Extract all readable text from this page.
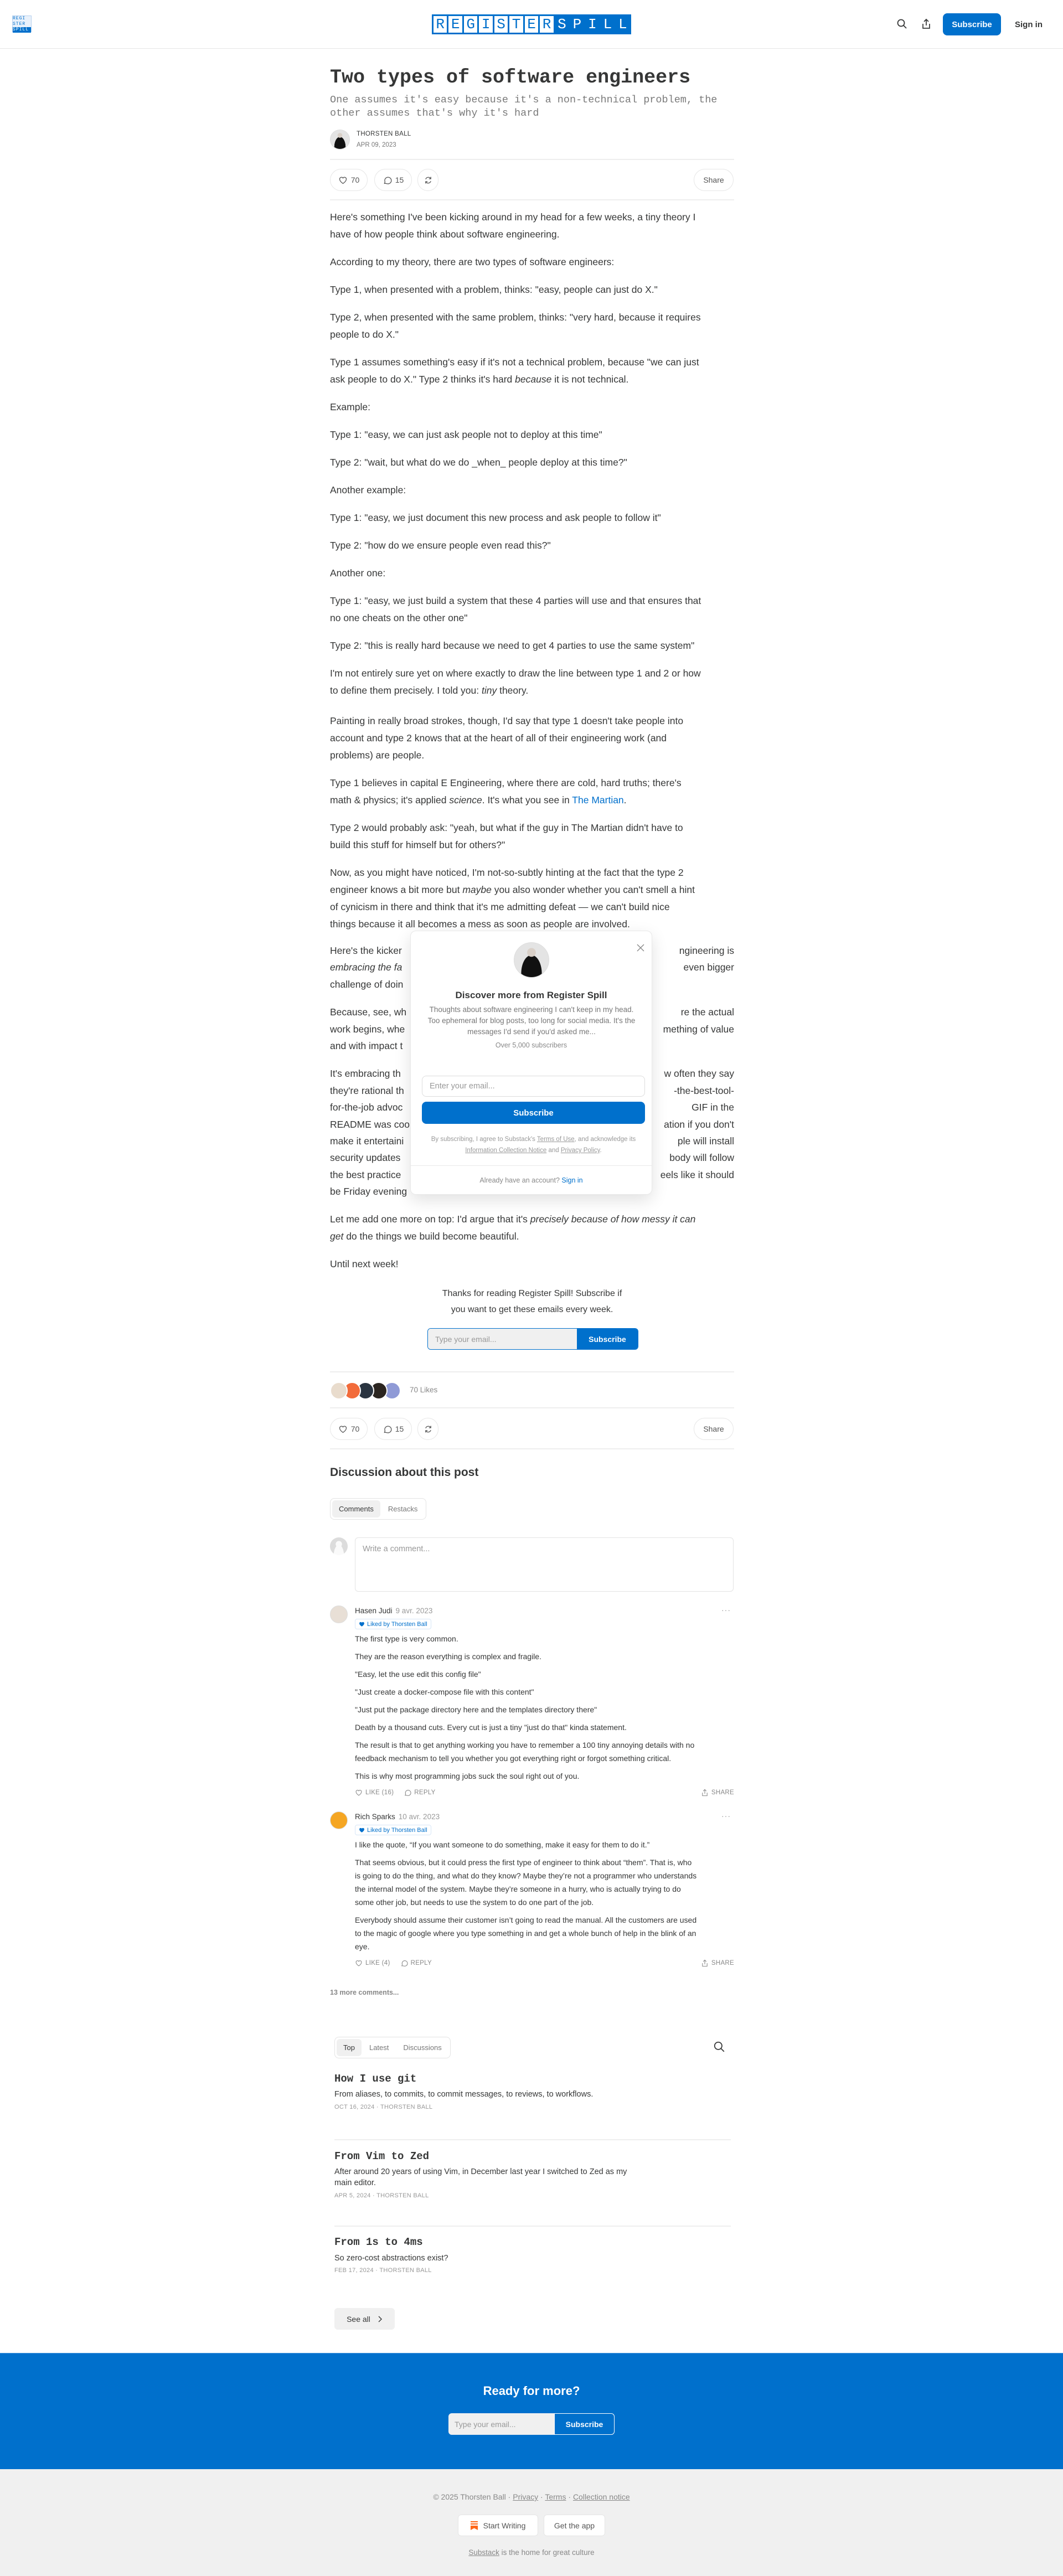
REGI
STER
SPILL	R E G I S T E R S P I L L	Subscribe	Sign in
Two types of software engineers
One assumes it's easy because it's a non-technical problem, the other assumes that's why it's hard
THORSTEN BALL
APR 09, 2023
70	15	Share

Here's something I've been kicking around in my head for a few weeks, a tiny theory I
have of how people think about software engineering.

According to my theory, there are two types of software engineers:

Type 1, when presented with a problem, thinks: "easy, people can just do X."

Type 2, when presented with the same problem, thinks: "very hard, because it requires
people to do X."

Type 1 assumes something's easy if it's not a technical problem, because "we can just
ask people to do X." Type 2 thinks it's hard because it is not technical.

Example:

Type 1: "easy, we can just ask people not to deploy at this time"

Type 2: "wait, but what do we do _when_ people deploy at this time?"

Another example:

Type 1: "easy, we just document this new process and ask people to follow it"

Type 2: "how do we ensure people even read this?"

Another one:

Type 1: "easy, we just build a system that these 4 parties will use and that ensures that
no one cheats on the other one"

Type 2: "this is really hard because we need to get 4 parties to use the same system"

I'm not entirely sure yet on where exactly to draw the line between type 1 and 2 or how
to define them precisely. I told you: tiny theory.

Painting in really broad strokes, though, I'd say that type 1 doesn't take people into
account and type 2 knows that at the heart of all of their engineering work (and
problems) are people.

Type 1 believes in capital E Engineering, where there are cold, hard truths; there's
math & physics; it's applied science. It's what you see in The Martian.

Type 2 would probably ask: "yeah, but what if the guy in The Martian didn't have to
build this stuff for himself but for others?"

Now, as you might have noticed, I'm not-so-subtly hinting at the fact that the type 2
engineer knows a bit more but maybe you also wonder whether you can't smell a hint
of cynicism in there and think that it's me admitting defeat — we can't build nice
things because it all becomes a mess as soon as people are involved.

Here's the kicker	ngineering is
embracing the fa	even bigger
challenge of doin

Because, see, wh	re the actual
work begins, whe	mething of value
and with impact t

It's embracing th	w often they say
they're rational th	-the-best-tool-
for-the-job advoc	GIF in the
README was coo	ation if you don't
make it entertaini	ple will install
security updates	body will follow
the best practice	eels like it should
be Friday evening

Let me add one more on top: I'd argue that it's precisely because of how messy it can
get do the things we build become beautiful.

Until next week!

Discover more from Register Spill
Thoughts about software engineering I can't keep in my head. Too ephemeral for blog posts, too long for social media. It's the messages I'd send if you'd asked me...
Over 5,000 subscribers
Enter your email...
Subscribe
By subscribing, I agree to Substack's Terms of Use, and acknowledge its Information Collection Notice and Privacy Policy.
Already have an account? Sign in
Thanks for reading Register Spill! Subscribe if
you want to get these emails every week.
Type your email...	Subscribe
70 Likes
70	15	Share
Discussion about this post
Comments	Restacks
Write a comment...
Hasen Judi 9 avr. 2023	···
Liked by Thorsten Ball

The first type is very common.

They are the reason everything is complex and fragile.

"Easy, let the use edit this config file"

"Just create a docker-compose file with this content"

"Just put the package directory here and the templates directory there"

Death by a thousand cuts. Every cut is just a tiny "just do that" kinda statement.

The result is that to get anything working you have to remember a 100 tiny annoying details with no
feedback mechanism to tell you whether you got everything right or forgot something critical.

This is why most programming jobs suck the soul right out of you.

LIKE (16)	REPLY	SHARE
Rich Sparks 10 avr. 2023	···
Liked by Thorsten Ball

I like the quote, “If you want someone to do something, make it easy for them to do it.”

That seems obvious, but it could press the first type of engineer to think about “them”. That is, who
is going to do the thing, and what do they know? Maybe they’re not a programmer who understands
the internal model of the system. Maybe they’re someone in a hurry, who is actually trying to do
some other job, but needs to use the system to do one part of the job.

Everybody should assume their customer isn’t going to read the manual. All the customers are used
to the magic of google where you type something in and get a whole bunch of help in the blink of an
eye.

LIKE (4)	REPLY	SHARE
13 more comments...
Top	Latest	Discussions
How I use git
From aliases, to commits, to commit messages, to reviews, to workflows.
OCT 16, 2024 · THORSTEN BALL
From Vim to Zed
After around 20 years of using Vim, in December last year I switched to Zed as my main editor.
APR 5, 2024 · THORSTEN BALL
From 1s to 4ms
So zero-cost abstractions exist?
FEB 17, 2024 · THORSTEN BALL
See all
Ready for more?
Type your email...	Subscribe
© 2025 Thorsten Ball · Privacy · Terms · Collection notice
Start Writing	Get the app
Substack is the home for great culture
